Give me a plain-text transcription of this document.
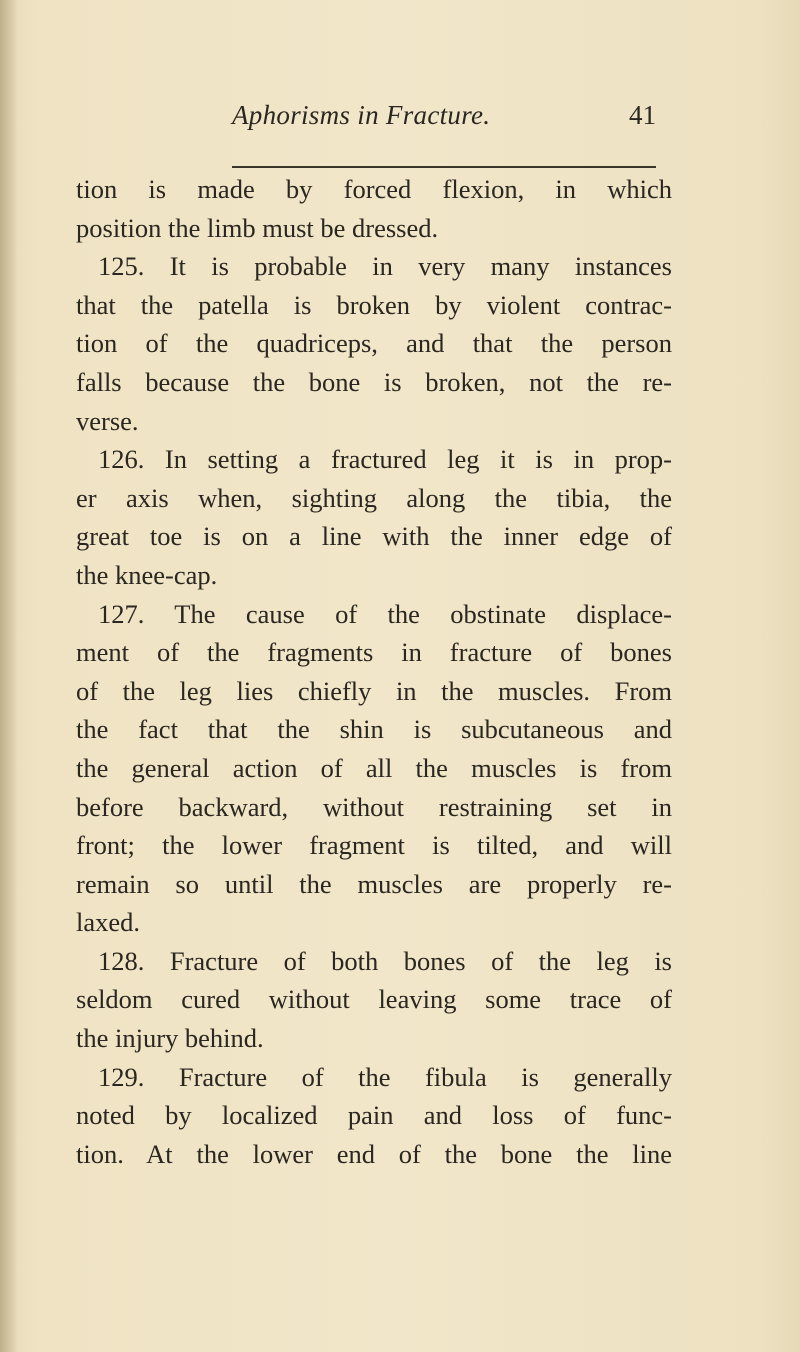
Aphorisms in Fracture.	41
tion is made by forced flexion, in which
position the limb must be dressed.
125. It is probable in very many instances
that the patella is broken by violent contrac-
tion of the quadriceps, and that the person
falls because the bone is broken, not the re-
verse.
126. In setting a fractured leg it is in prop-
er axis when, sighting along the tibia, the
great toe is on a line with the inner edge of
the knee-cap.
127. The cause of the obstinate displace-
ment of the fragments in fracture of bones
of the leg lies chiefly in the muscles. From
the fact that the shin is subcutaneous and
the general action of all the muscles is from
before backward, without restraining set in
front; the lower fragment is tilted, and will
remain so until the muscles are properly re-
laxed.
128. Fracture of both bones of the leg is
seldom cured without leaving some trace of
the injury behind.
129. Fracture of the fibula is generally
noted by localized pain and loss of func-
tion. At the lower end of the bone the line
